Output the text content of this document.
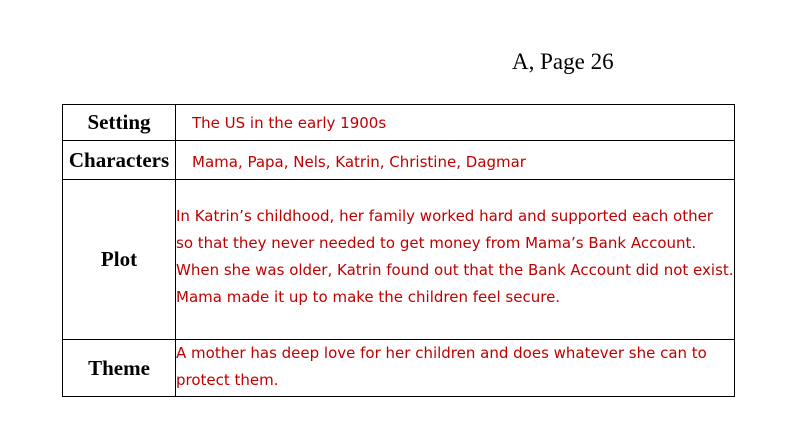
A, Page 26
Setting	The US in the early 1900s
Characters	Mama, Papa, Nels, Katrin, Christine, Dagmar
Plot	In Katrin’s childhood, her family worked hard and supported each other so that they never needed to get money from Mama’s Bank Account. When she was older, Katrin found out that the Bank Account did not exist. Mama made it up to make the children feel secure.
Theme	A mother has deep love for her children and does whatever she can to protect them.
